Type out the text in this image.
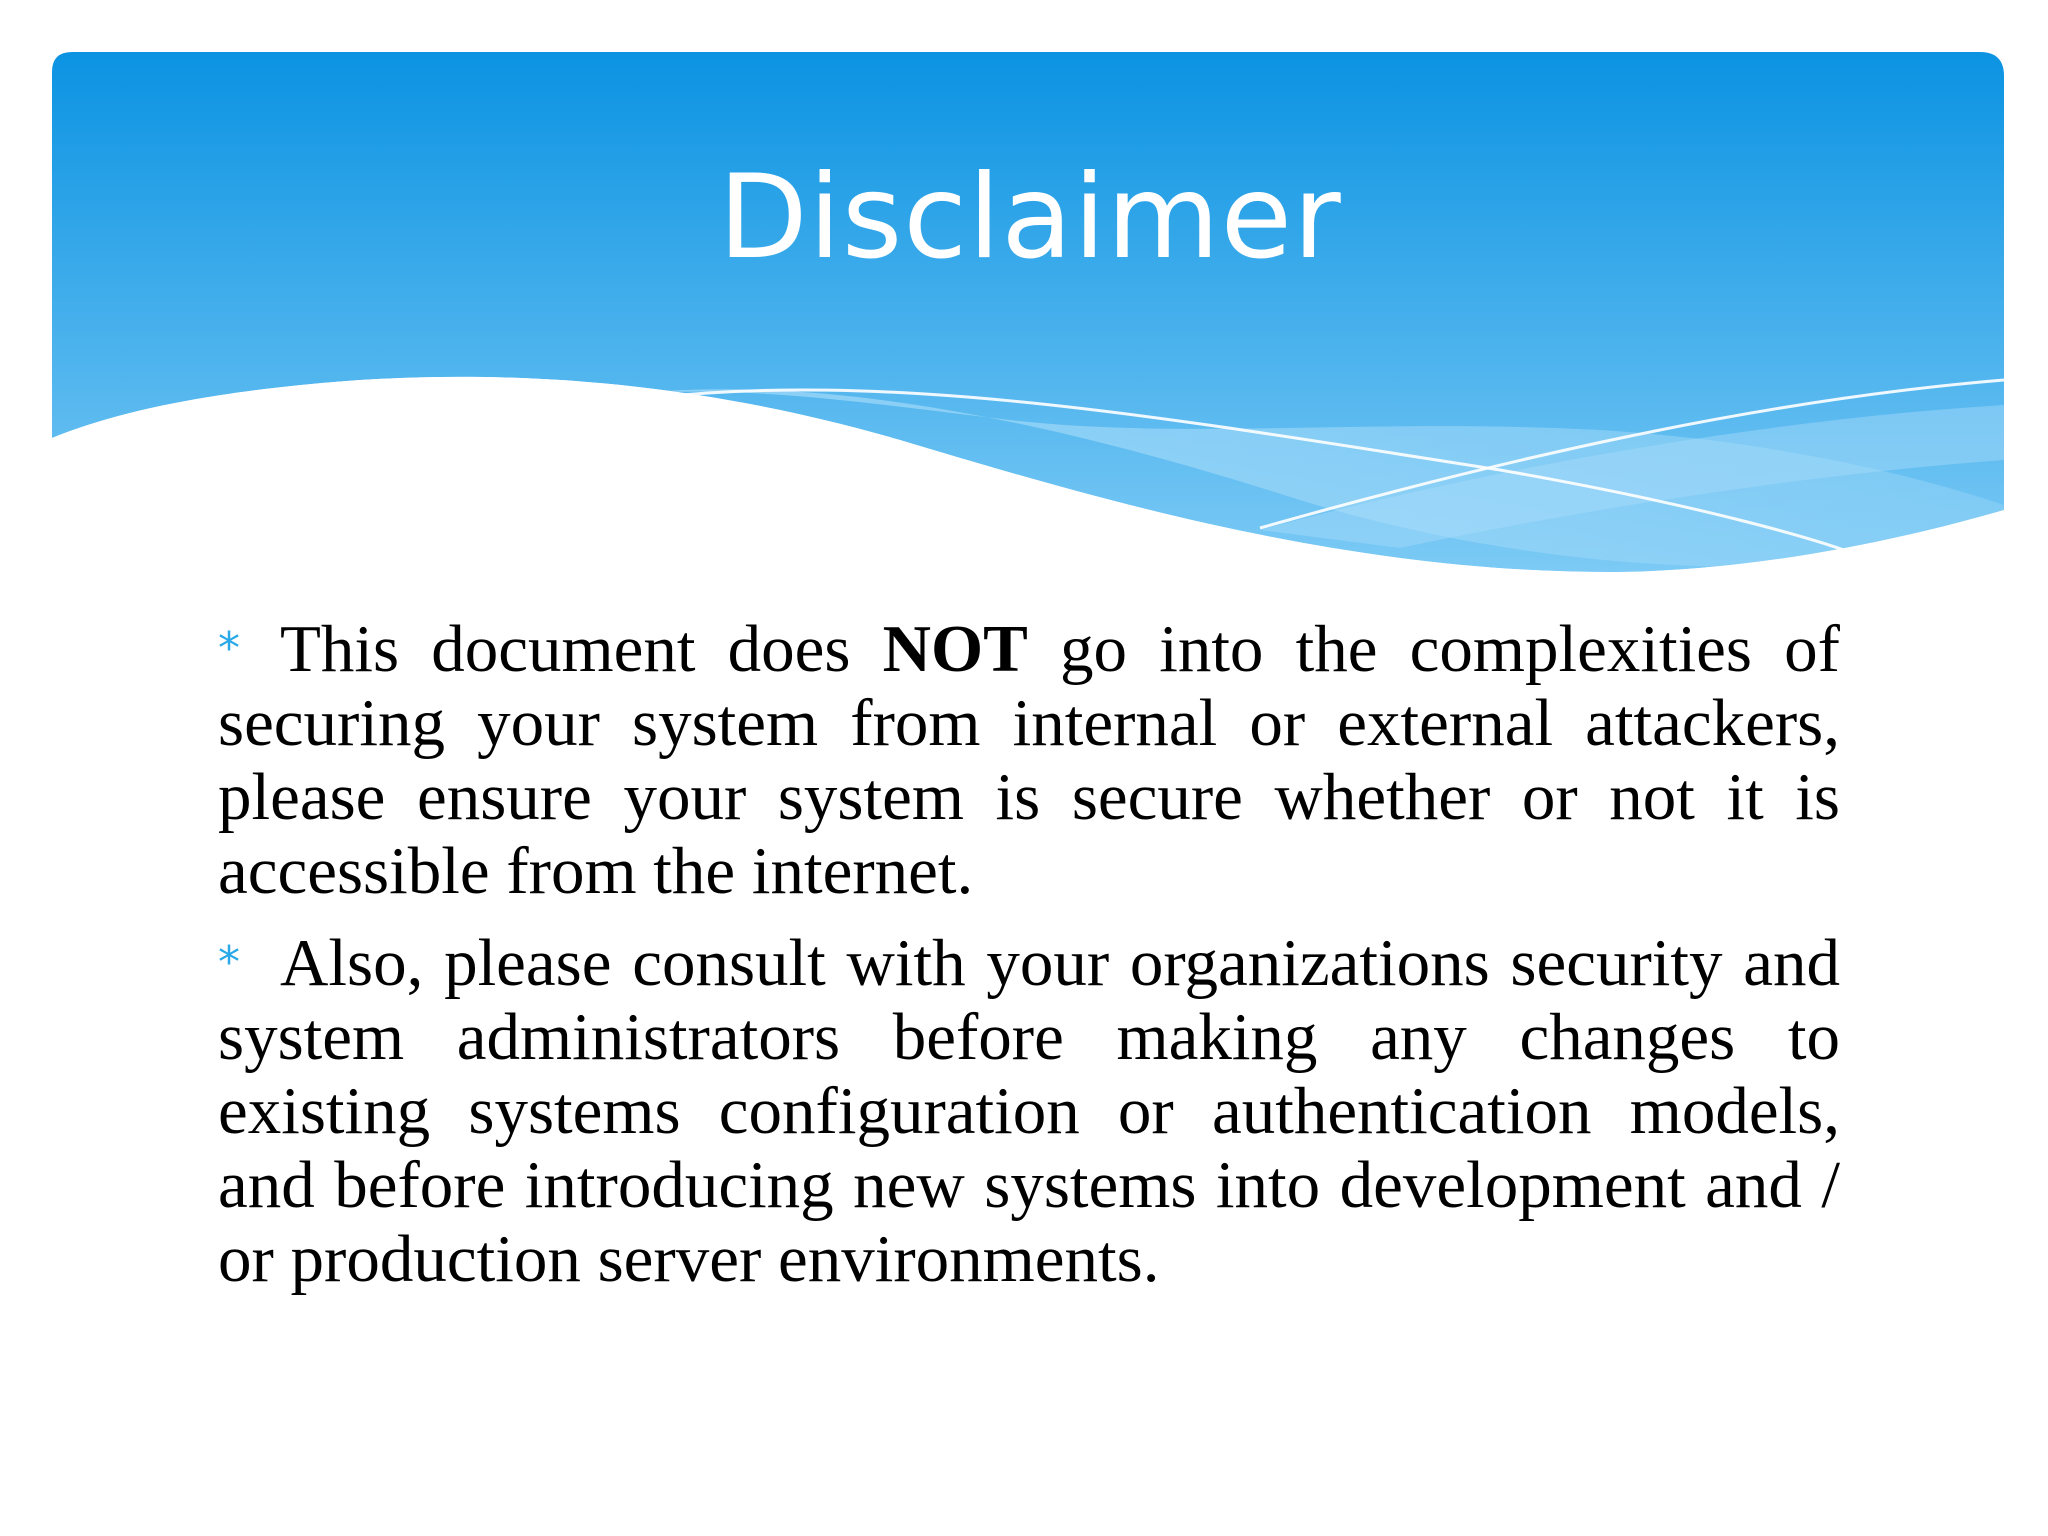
Disclaimer

* This document does NOT go into the complexities of securing your system from internal or external attackers, please ensure your system is secure whether or not it is accessible from the internet.

* Also, please consult with your organizations security and system administrators before making any changes to existing systems configuration or authentication models, and before introducing new systems into development and / or production server environments.
